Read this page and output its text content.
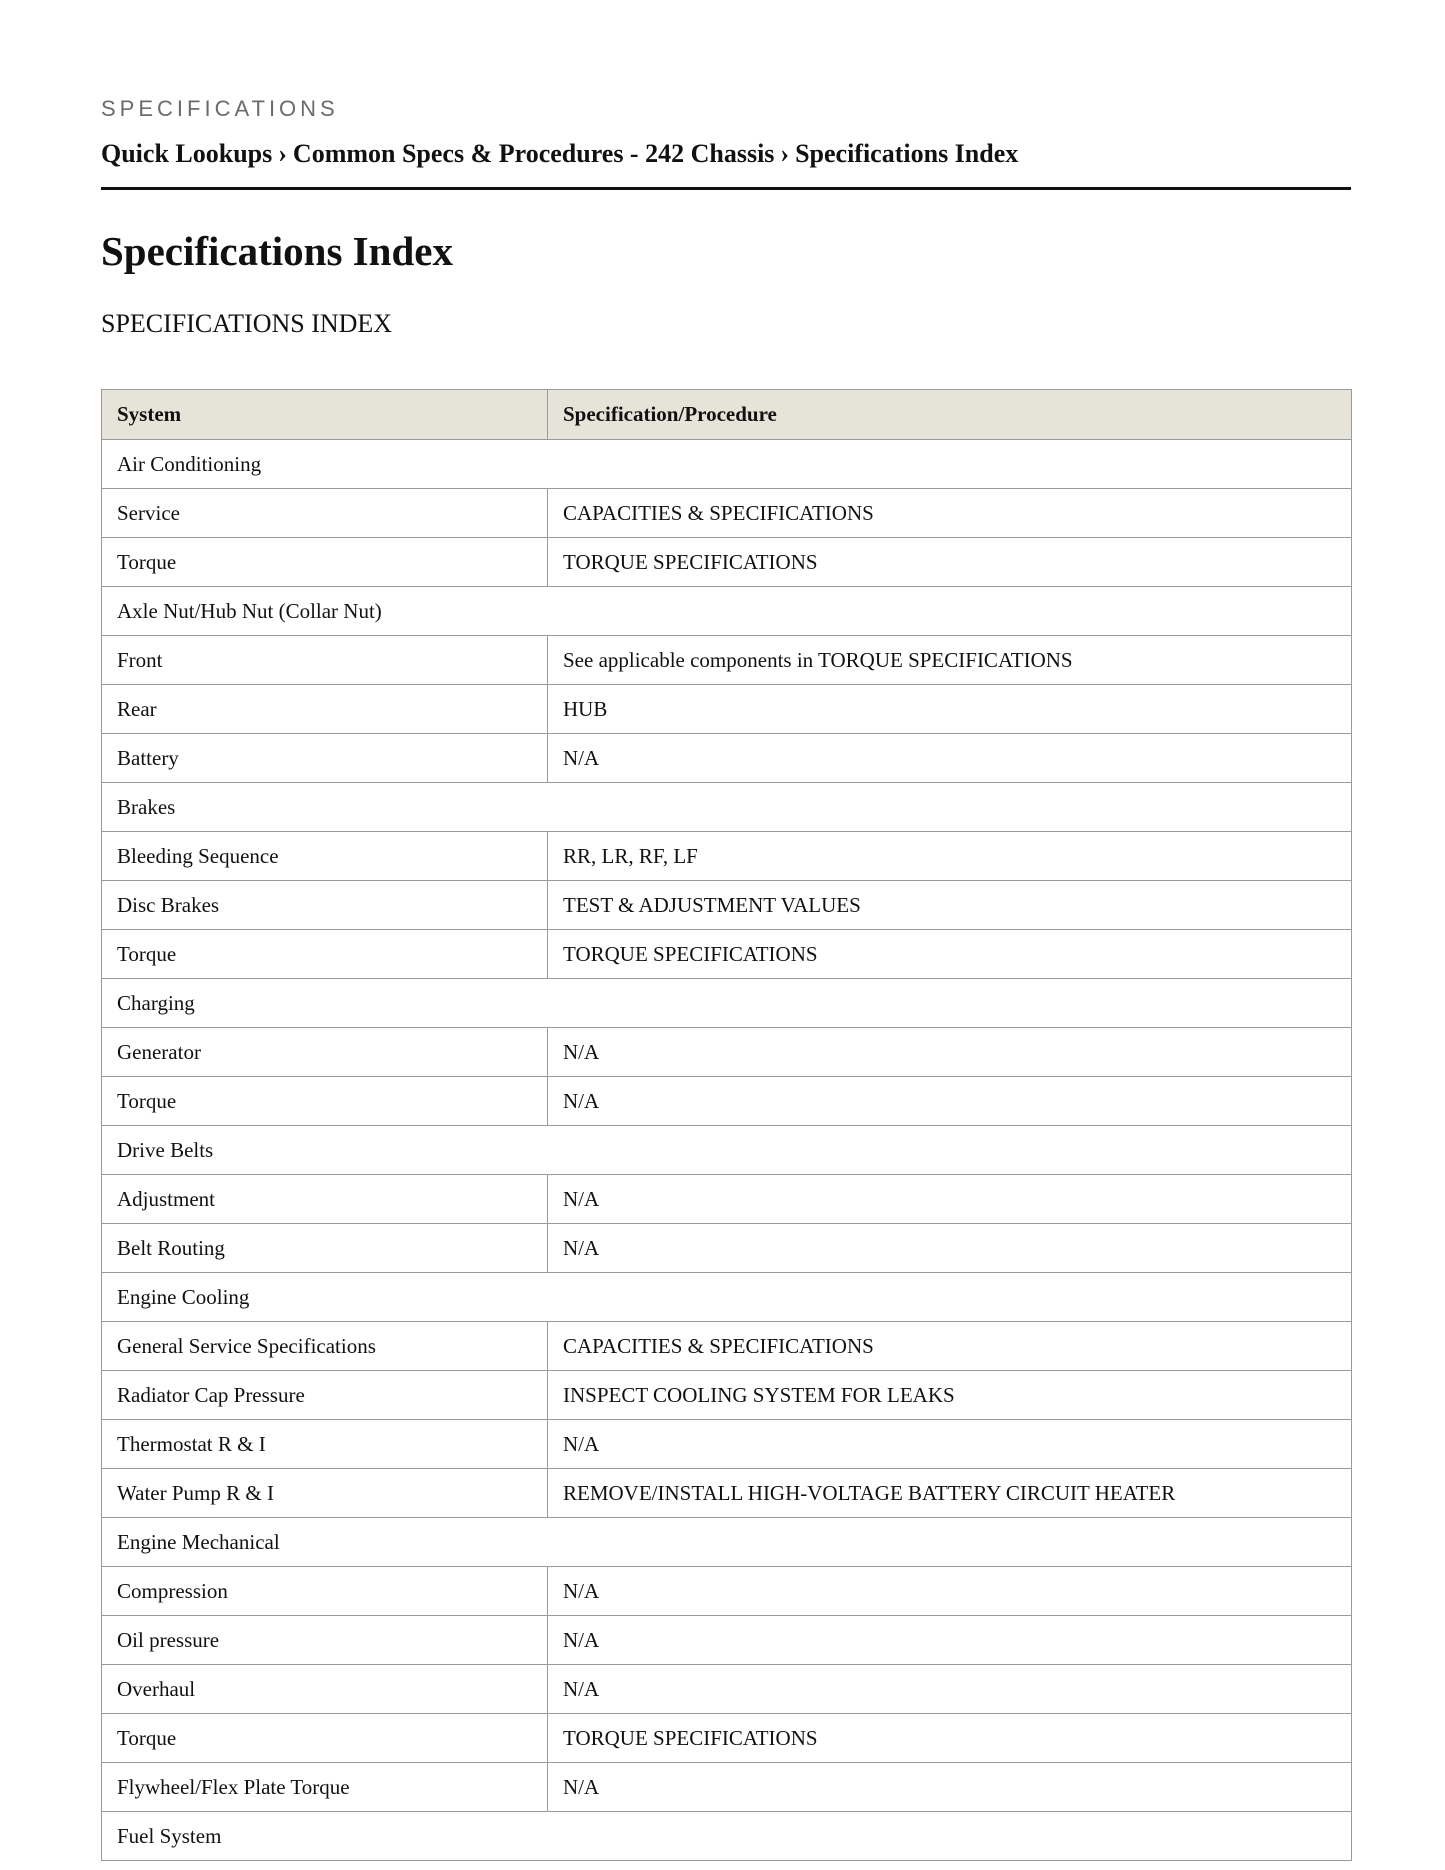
SPECIFICATIONS
Quick Lookups › Common Specs & Procedures - 242 Chassis › Specifications Index
Specifications Index
SPECIFICATIONS INDEX
System	Specification/Procedure
Air Conditioning	
Service	CAPACITIES & SPECIFICATIONS
Torque	TORQUE SPECIFICATIONS
Axle Nut/Hub Nut (Collar Nut)	
Front	See applicable components in TORQUE SPECIFICATIONS
Rear	HUB
Battery	N/A
Brakes	
Bleeding Sequence	RR, LR, RF, LF
Disc Brakes	TEST & ADJUSTMENT VALUES
Torque	TORQUE SPECIFICATIONS
Charging	
Generator	N/A
Torque	N/A
Drive Belts	
Adjustment	N/A
Belt Routing	N/A
Engine Cooling	
General Service Specifications	CAPACITIES & SPECIFICATIONS
Radiator Cap Pressure	INSPECT COOLING SYSTEM FOR LEAKS
Thermostat R & I	N/A
Water Pump R & I	REMOVE/INSTALL HIGH-VOLTAGE BATTERY CIRCUIT HEATER
Engine Mechanical	
Compression	N/A
Oil pressure	N/A
Overhaul	N/A
Torque	TORQUE SPECIFICATIONS
Flywheel/Flex Plate Torque	N/A
Fuel System	
